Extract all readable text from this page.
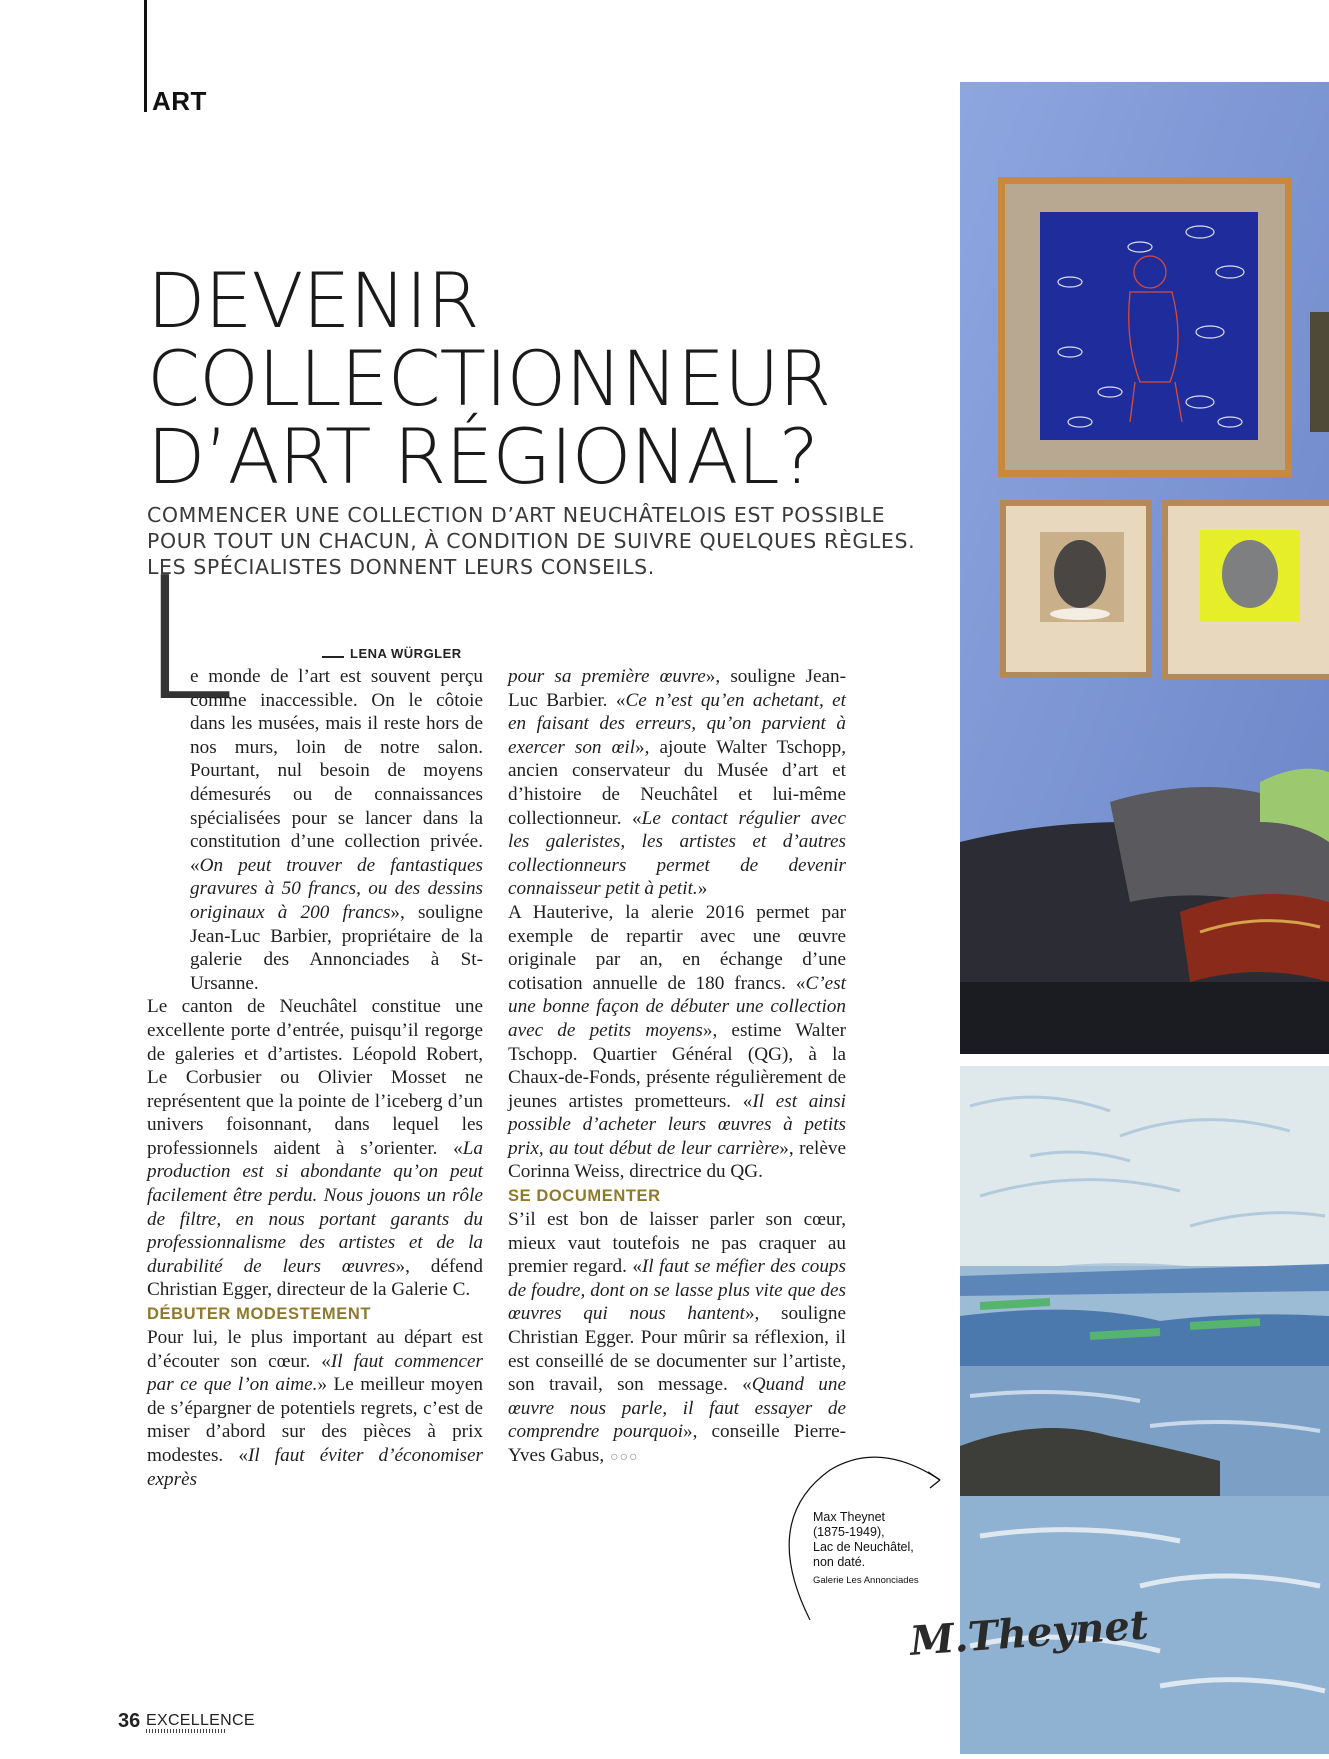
ART
DEVENIR
COLLECTIONNEUR
D’ART RÉGIONAL?
COMMENCER UNE COLLECTION D’ART NEUCHÂTELOIS EST POSSIBLE POUR TOUT UN CHACUN, À CONDITION DE SUIVRE QUELQUES RÈGLES. LES SPÉCIALISTES DONNENT LEURS CONSEILS.
L	LENA WÜRGLER

e monde de l’art est souvent perçu comme inaccessible. On le côtoie dans les musées, mais il reste hors de nos murs, loin de notre salon. Pourtant, nul besoin de moyens démesurés ou de connaissances spécialisées pour se lancer dans la constitution d’une collection privée. «On peut trouver de fantastiques gravures à 50 francs, ou des dessins originaux à 200 francs», souligne Jean-Luc Barbier, propriétaire de la galerie des Annonciades à St-Ursanne.

Le canton de Neuchâtel constitue une excellente porte d’entrée, puisqu’il regorge de galeries et d’artistes. Léopold Robert, Le Corbusier ou Olivier Mosset ne représentent que la pointe de l’iceberg d’un univers foisonnant, dans lequel les professionnels aident à s’orienter. «La production est si abondante qu’on peut facilement être perdu. Nous jouons un rôle de filtre, en nous portant garants du professionnalisme des artistes et de la durabilité de leurs œuvres», défend Christian Egger, directeur de la Galerie C.

DÉBUTER MODESTEMENT

Pour lui, le plus important au départ est d’écouter son cœur. «Il faut commencer par ce que l’on aime.» Le meilleur moyen de s’épargner de potentiels regrets, c’est de miser d’abord sur des pièces à prix modestes. «Il faut éviter d’économiser exprès

pour sa première œuvre», souligne Jean-Luc Barbier. «Ce n’est qu’en achetant, et en faisant des erreurs, qu’on parvient à exercer son œil», ajoute Walter Tschopp, ancien conservateur du Musée d’art et d’histoire de Neuchâtel et lui-même collectionneur. «Le contact régulier avec les galeristes, les artistes et d’autres collectionneurs permet de devenir connaisseur petit à petit.»

A Hauterive, la alerie 2016 permet par exemple de repartir avec une œuvre originale par an, en échange d’une cotisation annuelle de 180 francs. «C’est une bonne façon de débuter une collection avec de petits moyens», estime Walter Tschopp. Quartier Général (QG), à la Chaux-de-Fonds, présente régulièrement de jeunes artistes prometteurs. «Il est ainsi possible d’acheter leurs œuvres à petits prix, au tout début de leur carrière», relève Corinna Weiss, directrice du QG.

SE DOCUMENTER

S’il est bon de laisser parler son cœur, mieux vaut toutefois ne pas craquer au premier regard. «Il faut se méfier des coups de foudre, dont on se lasse plus vite que des œuvres qui nous hantent», souligne Christian Egger. Pour mûrir sa réflexion, il est conseillé de se documenter sur l’artiste, son travail, son message. «Quand une œuvre nous parle, il faut essayer de comprendre pourquoi», conseille Pierre-Yves Gabus, ○○○

M.Theynet
Max Theynet
(1875-1949),
Lac de Neuchâtel,
non daté.
Galerie Les Annonciades
36 EXCELLENCE
